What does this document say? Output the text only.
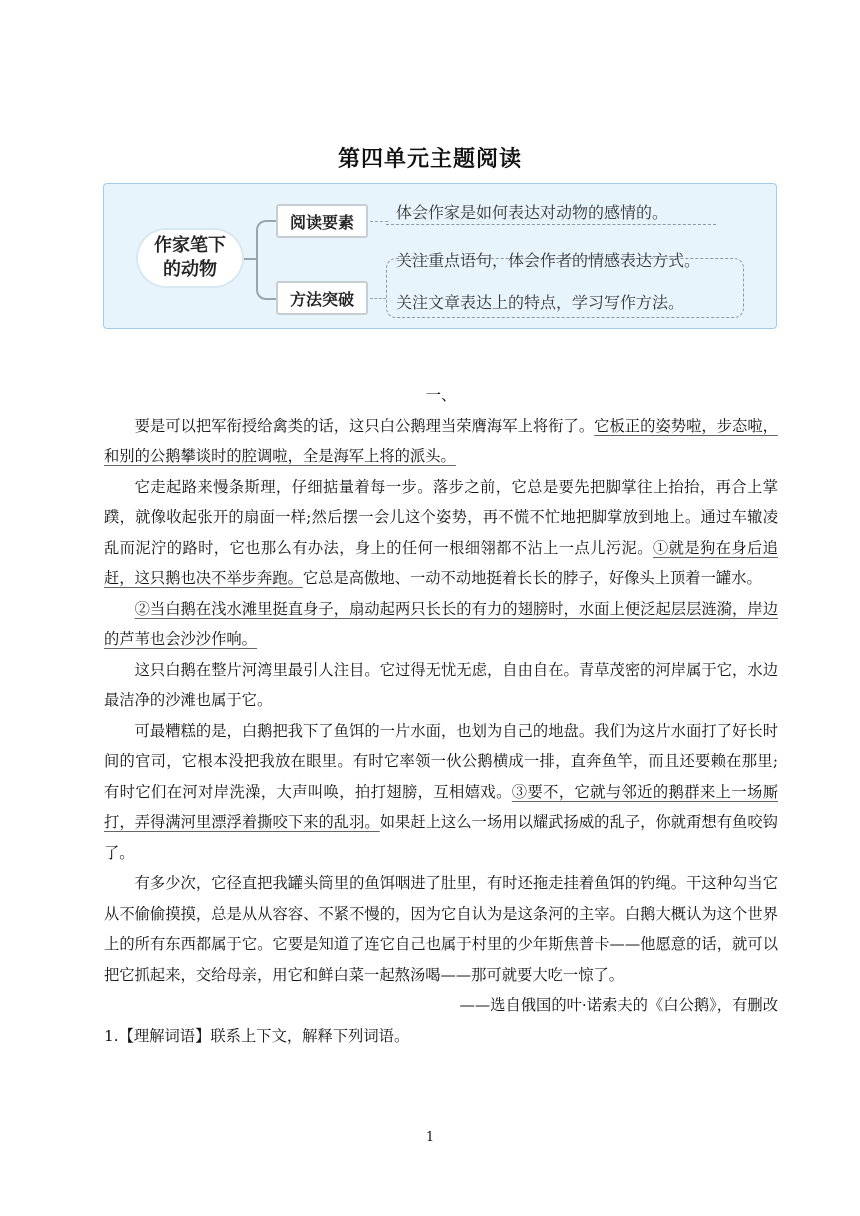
第四单元主题阅读
作家笔下
的动物
阅读要素
方法突破
体会作家是如何表达对动物的感情的。
关注重点语句，体会作者的情感表达方式。
关注文章表达上的特点，学习写作方法。

一、

要是可以把军衔授给禽类的话，这只白公鹅理当荣膺海军上将衔了。它板正的姿势啦，步态啦，和别的公鹅攀谈时的腔调啦，全是海军上将的派头。

它走起路来慢条斯理，仔细掂量着每一步。落步之前，它总是要先把脚掌往上抬抬，再合上掌蹼，就像收起张开的扇面一样;然后摆一会儿这个姿势，再不慌不忙地把脚掌放到地上。通过车辙凌乱而泥泞的路时，它也那么有办法，身上的任何一根细翎都不沾上一点儿污泥。①就是狗在身后追赶，这只鹅也决不举步奔跑。它总是高傲地、一动不动地挺着长长的脖子，好像头上顶着一罐水。

②当白鹅在浅水滩里挺直身子，扇动起两只长长的有力的翅膀时，水面上便泛起层层涟漪，岸边的芦苇也会沙沙作响。

这只白鹅在整片河湾里最引人注目。它过得无忧无虑，自由自在。青草茂密的河岸属于它，水边最洁净的沙滩也属于它。

可最糟糕的是，白鹅把我下了鱼饵的一片水面，也划为自己的地盘。我们为这片水面打了好长时间的官司，它根本没把我放在眼里。有时它率领一伙公鹅横成一排，直奔鱼竿，而且还要赖在那里;有时它们在河对岸洗澡，大声叫唤，拍打翅膀，互相嬉戏。③要不，它就与邻近的鹅群来上一场厮打，弄得满河里漂浮着撕咬下来的乱羽。如果赶上这么一场用以耀武扬威的乱子，你就甭想有鱼咬钩了。

有多少次，它径直把我罐头筒里的鱼饵咽进了肚里，有时还拖走挂着鱼饵的钓绳。干这种勾当它从不偷偷摸摸，总是从从容容、不紧不慢的，因为它自认为是这条河的主宰。白鹅大概认为这个世界上的所有东西都属于它。它要是知道了连它自己也属于村里的少年斯焦普卡——他愿意的话，就可以把它抓起来，交给母亲，用它和鲜白菜一起熬汤喝——那可就要大吃一惊了。

——选自俄国的叶·诺索夫的《白公鹅》，有删改

1.【理解词语】联系上下文，解释下列词语。

1
